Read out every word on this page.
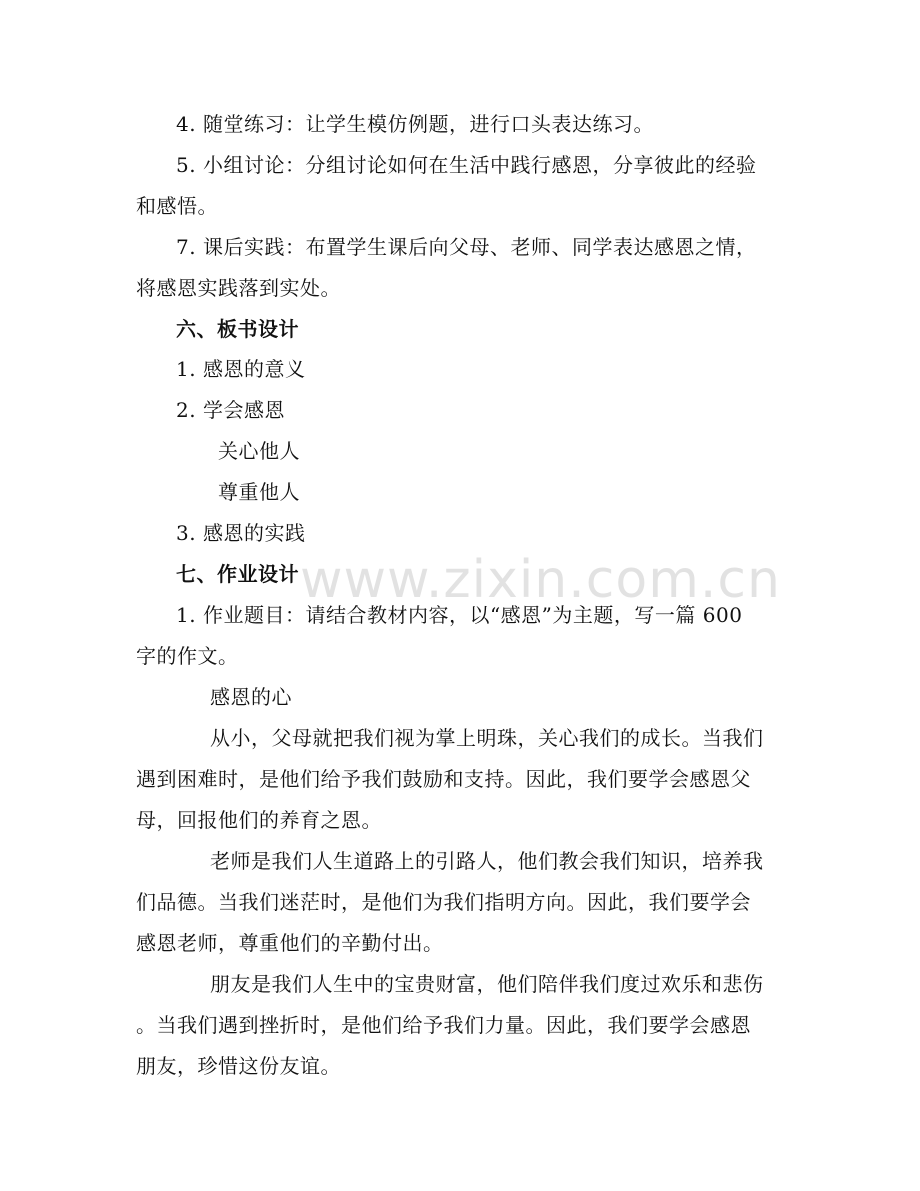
4. 随堂练习：让学生模仿例题，进行口头表达练习。
5. 小组讨论：分组讨论如何在生活中践行感恩，分享彼此的经验
和感悟。
7. 课后实践：布置学生课后向父母、老师、同学表达感恩之情，
将感恩实践落到实处。
六、板书设计
1. 感恩的意义
2. 学会感恩
关心他人
尊重他人
3. 感恩的实践
七、作业设计
1. 作业题目：请结合教材内容，以“感恩”为主题，写一篇 600
字的作文。
感恩的心
从小，父母就把我们视为掌上明珠，关心我们的成长。当我们
遇到困难时，是他们给予我们鼓励和支持。因此，我们要学会感恩父
母，回报他们的养育之恩。
老师是我们人生道路上的引路人，他们教会我们知识，培养我
们品德。当我们迷茫时，是他们为我们指明方向。因此，我们要学会
感恩老师，尊重他们的辛勤付出。
朋友是我们人生中的宝贵财富，他们陪伴我们度过欢乐和悲伤
。当我们遇到挫折时，是他们给予我们力量。因此，我们要学会感恩
朋友，珍惜这份友谊。
www.zixin.com.cn
